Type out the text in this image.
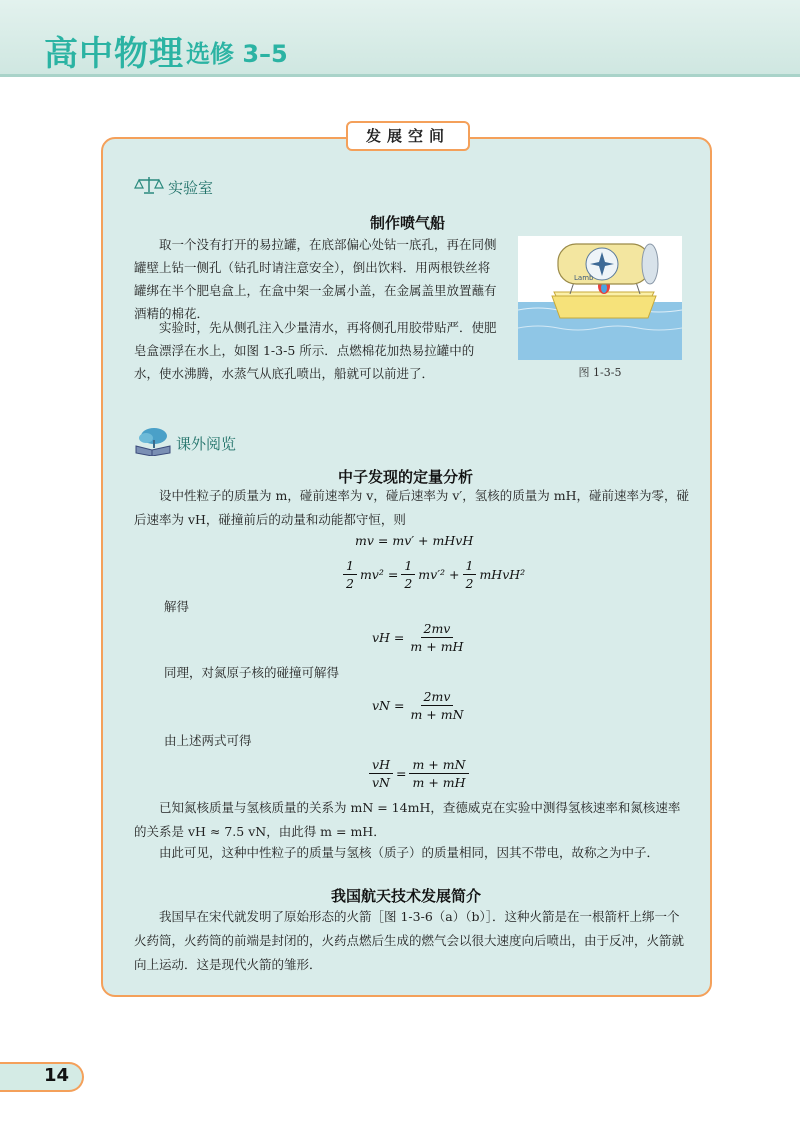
高中物理 选修 3–5
发展空间
实验室
制作喷气船

取一个没有打开的易拉罐，在底部偏心处钻一底孔，再在同侧罐壁上钻一侧孔（钻孔时请注意安全），倒出饮料．用两根铁丝将罐绑在半个肥皂盒上，在盒中架一金属小盖，在金属盖里放置蘸有酒精的棉花．

实验时，先从侧孔注入少量清水，再将侧孔用胶带贴严．使肥皂盒漂浮在水上，如图 1-3-5 所示．点燃棉花加热易拉罐中的水，使水沸腾，水蒸气从底孔喷出，船就可以前进了．

Lamb
图 1-3-5
课外阅览
中子发现的定量分析

设中性粒子的质量为 m，碰前速率为 v，碰后速率为 v′，氢核的质量为 mH，碰前速率为零，碰后速率为 vH，碰撞前后的动量和动能都守恒，则

mv = mv′ + mHvH
$\frac{1}{2} mv^2 = \frac{1}{2} mv'^2 + \frac{1}{2}$ mHvH²
解得
vH = $\frac{2mv}{m + mH}$
同理，对氮原子核的碰撞可解得
vN = $\frac{2mv}{m + mN}$
由上述两式可得
$\frac{vH}{vN} = \frac{m + mN}{m + mH}$

已知氮核质量与氢核质量的关系为 mN = 14mH，查德威克在实验中测得氢核速率和氮核速率的关系是 vH ≈ 7.5 vN，由此得 m = mH．

由此可见，这种中性粒子的质量与氢核（质子）的质量相同，因其不带电，故称之为中子．

我国航天技术发展简介

我国早在宋代就发明了原始形态的火箭［图 1-3-6（a）（b）］．这种火箭是在一根箭杆上绑一个火药筒，火药筒的前端是封闭的，火药点燃后生成的燃气会以很大速度向后喷出，由于反冲，火箭就向上运动．这是现代火箭的雏形．

14
